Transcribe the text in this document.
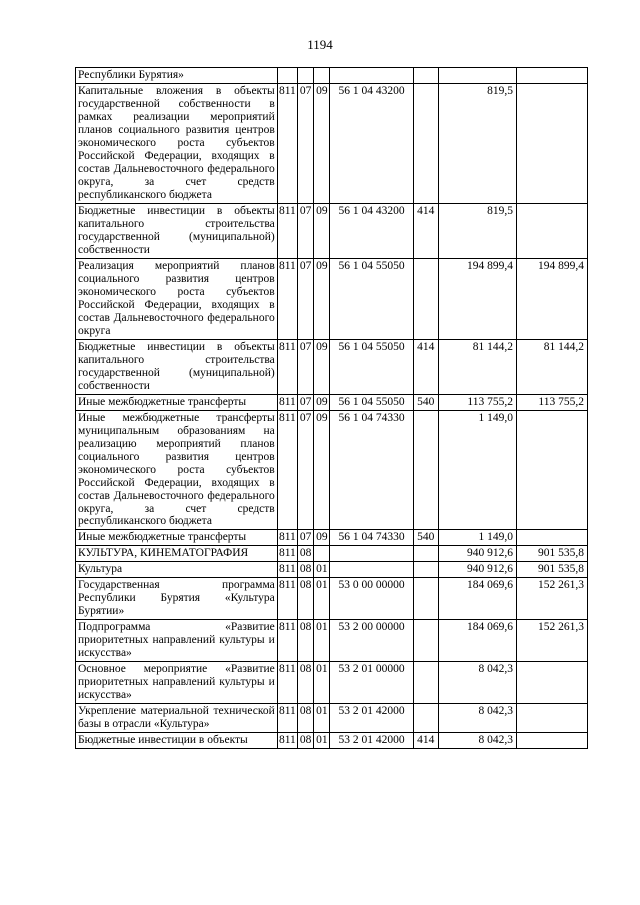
1194
Республики Бурятия»							
Капитальные вложения в объекты государственной собственности в рамках реализации мероприятий планов социального развития центров экономического роста субъектов Российской Федерации, входящих в состав Дальневосточного федерального округа, за счет средств республиканского бюджета	811	07	09	56 1 04 43200		819,5	
Бюджетные инвестиции в объекты капитального строительства государственной (муниципальной) собственности	811	07	09	56 1 04 43200	414	819,5	
Реализация мероприятий планов социального развития центров экономического роста субъектов Российской Федерации, входящих в состав Дальневосточного федерального округа	811	07	09	56 1 04 55050		194 899,4	194 899,4
Бюджетные инвестиции в объекты капитального строительства государственной (муниципальной) собственности	811	07	09	56 1 04 55050	414	81 144,2	81 144,2
Иные межбюджетные трансферты	811	07	09	56 1 04 55050	540	113 755,2	113 755,2
Иные межбюджетные трансферты муниципальным образованиям на реализацию мероприятий планов социального развития центров экономического роста субъектов Российской Федерации, входящих в состав Дальневосточного федерального округа, за счет средств республиканского бюджета	811	07	09	56 1 04 74330		1 149,0	
Иные межбюджетные трансферты	811	07	09	56 1 04 74330	540	1 149,0	
КУЛЬТУРА, КИНЕМАТОГРАФИЯ	811	08				940 912,6	901 535,8
Культура	811	08	01			940 912,6	901 535,8
Государственная программа Республики Бурятия «Культура Бурятии»	811	08	01	53 0 00 00000		184 069,6	152 261,3
Подпрограмма «Развитие приоритетных направлений культуры и искусства»	811	08	01	53 2 00 00000		184 069,6	152 261,3
Основное мероприятие «Развитие приоритетных направлений культуры и искусства»	811	08	01	53 2 01 00000		8 042,3	
Укрепление материальной технической базы в отрасли «Культура»	811	08	01	53 2 01 42000		8 042,3	
Бюджетные инвестиции в объекты	811	08	01	53 2 01 42000	414	8 042,3	
